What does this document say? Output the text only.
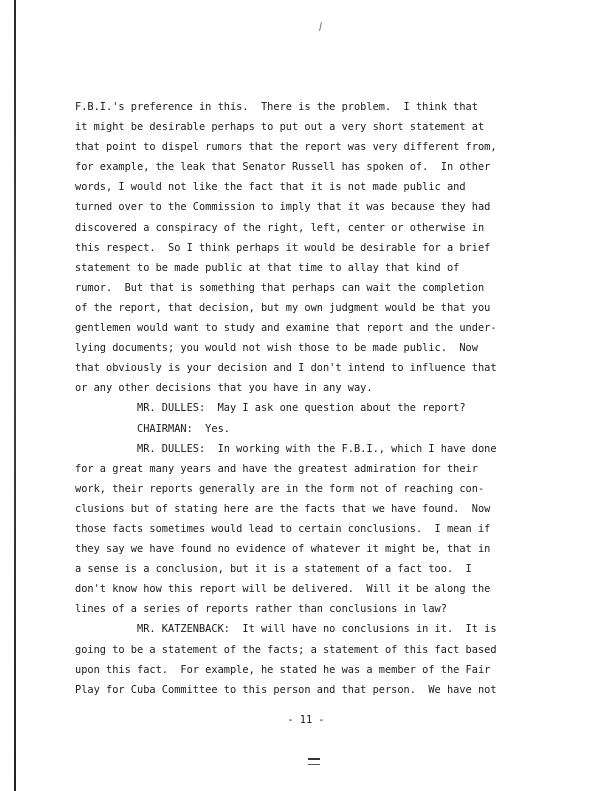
F.B.I.'s preference in this.  There is the problem.  I think that
it might be desirable perhaps to put out a very short statement at
that point to dispel rumors that the report was very different from,
for example, the leak that Senator Russell has spoken of.  In other
words, I would not like the fact that it is not made public and
turned over to the Commission to imply that it was because they had
discovered a conspiracy of the right, left, center or otherwise in
this respect.  So I think perhaps it would be desirable for a brief
statement to be made public at that time to allay that kind of
rumor.  But that is something that perhaps can wait the completion
of the report, that decision, but my own judgment would be that you
gentlemen would want to study and examine that report and the under-
lying documents; you would not wish those to be made public.  Now
that obviously is your decision and I don't intend to influence that
or any other decisions that you have in any way.
MR. DULLES:  May I ask one question about the report?
CHAIRMAN:  Yes.
MR. DULLES:  In working with the F.B.I., which I have done
for a great many years and have the greatest admiration for their
work, their reports generally are in the form not of reaching con-
clusions but of stating here are the facts that we have found.  Now
those facts sometimes would lead to certain conclusions.  I mean if
they say we have found no evidence of whatever it might be, that in
a sense is a conclusion, but it is a statement of a fact too.  I
don't know how this report will be delivered.  Will it be along the
lines of a series of reports rather than conclusions in law?
MR. KATZENBACK:  It will have no conclusions in it.  It is
going to be a statement of the facts; a statement of this fact based
upon this fact.  For example, he stated he was a member of the Fair
Play for Cuba Committee to this person and that person.  We have not
- 11 -
